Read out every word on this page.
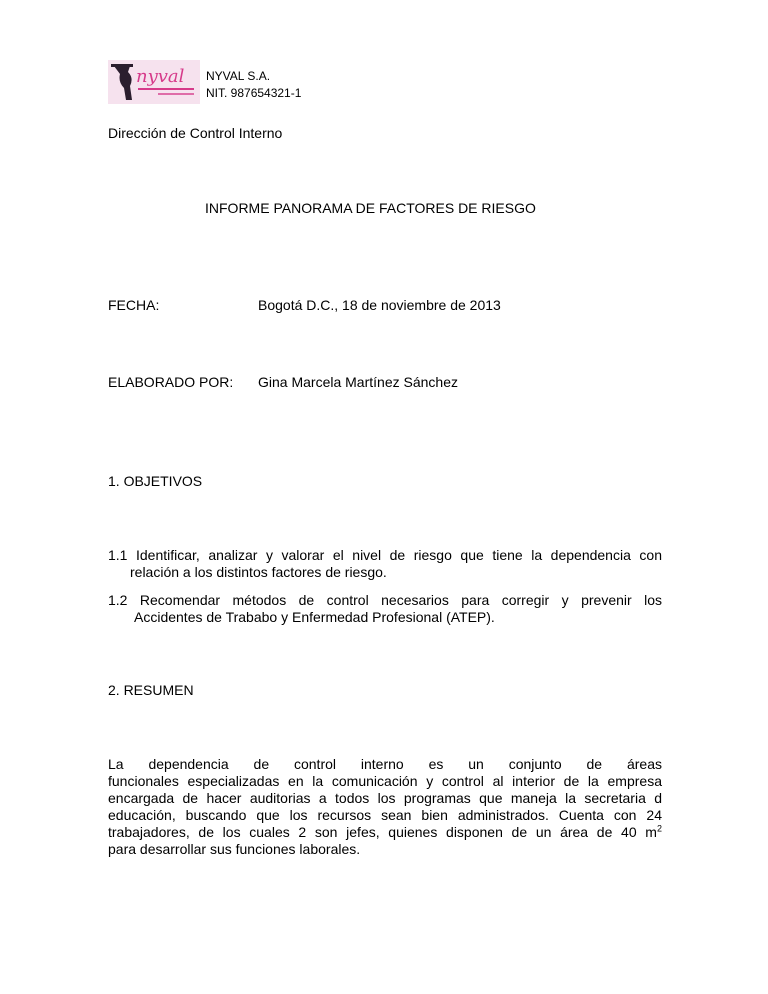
nyval NYVAL S.A.
NIT. 987654321-1
Dirección de Control Interno
INFORME PANORAMA DE FACTORES DE RIESGO
FECHA:	Bogotá D.C., 18 de noviembre de 2013
ELABORADO POR: Gina Marcela Martínez Sánchez
1. OBJETIVOS
1.1 Identificar, analizar y valorar el nivel de riesgo que tiene la dependencia con
relación a los distintos factores de riesgo.
1.2 Recomendar métodos de control necesarios para corregir y prevenir los
Accidentes de Trababo y Enfermedad Profesional (ATEP).
2. RESUMEN
La dependencia de control interno es un conjunto de áreas
funcionales especializadas en la comunicación y control al interior de la empresa
encargada de hacer auditorias a todos los programas que maneja la secretaria d
educación, buscando que los recursos sean bien administrados. Cuenta con 24
trabajadores, de los cuales 2 son jefes, quienes disponen de un área de 40 $m^2$
para desarrollar sus funciones laborales.
